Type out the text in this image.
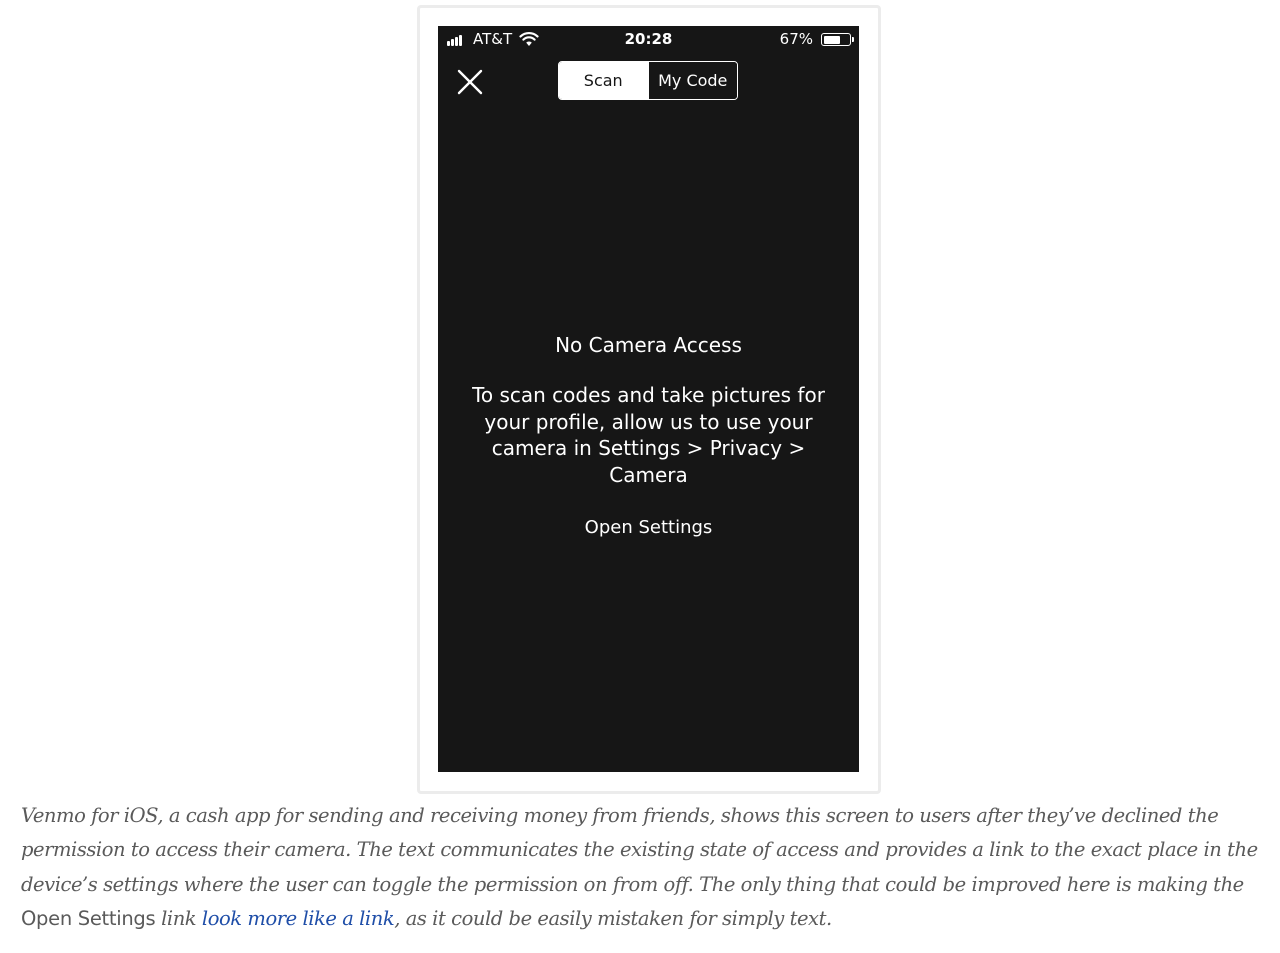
AT&T	20:28	67%
Scan	My Code
No Camera Access
To scan codes and take pictures for your profile, allow us to use your camera in Settings > Privacy > Camera
Open Settings
Venmo for iOS, a cash app for sending and receiving money from friends, shows this screen to users after they’ve declined the permission to access their camera. The text communicates the existing state of access and provides a link to the exact place in the device’s settings where the user can toggle the permission on from off. The only thing that could be improved here is making the Open Settings link look more like a link, as it could be easily mistaken for simply text.
